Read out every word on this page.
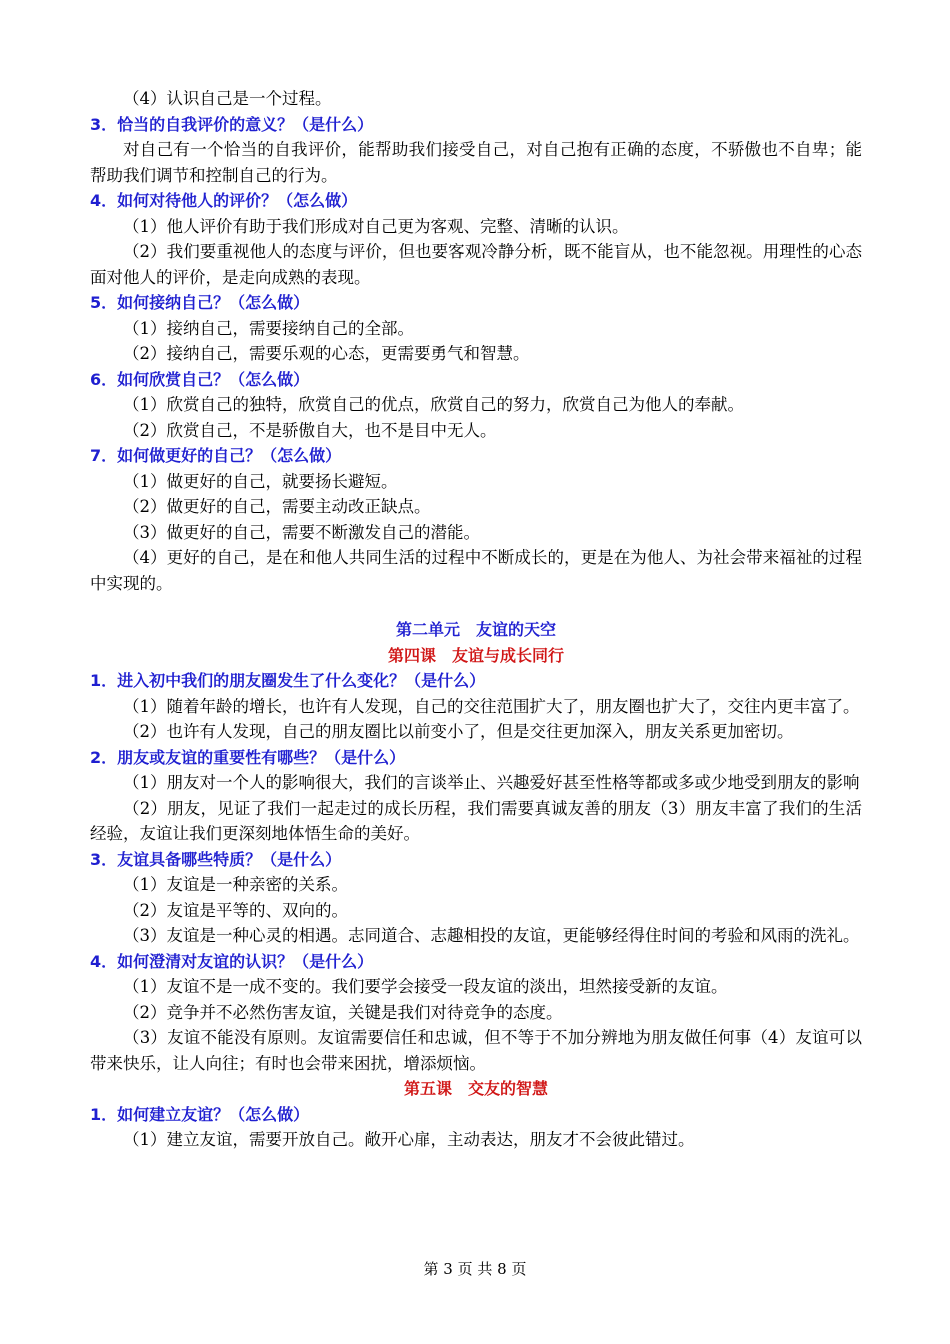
（4）认识自己是一个过程。

3．恰当的自我评价的意义？（是什么）

对自己有一个恰当的自我评价，能帮助我们接受自己，对自己抱有正确的态度，不骄傲也不自卑；能帮助我们调节和控制自己的行为。

4．如何对待他人的评价？（怎么做）

（1）他人评价有助于我们形成对自己更为客观、完整、清晰的认识。

（2）我们要重视他人的态度与评价，但也要客观冷静分析，既不能盲从，也不能忽视。用理性的心态面对他人的评价，是走向成熟的表现。

5．如何接纳自己？（怎么做）

（1）接纳自己，需要接纳自己的全部。

（2）接纳自己，需要乐观的心态，更需要勇气和智慧。

6．如何欣赏自己？（怎么做）

（1）欣赏自己的独特，欣赏自己的优点，欣赏自己的努力，欣赏自己为他人的奉献。

（2）欣赏自己，不是骄傲自大，也不是目中无人。

7．如何做更好的自己？（怎么做）

（1）做更好的自己，就要扬长避短。

（2）做更好的自己，需要主动改正缺点。

（3）做更好的自己，需要不断激发自己的潜能。

（4）更好的自己，是在和他人共同生活的过程中不断成长的，更是在为他人、为社会带来福祉的过程中实现的。

第二单元　友谊的天空

第四课　友谊与成长同行

1．进入初中我们的朋友圈发生了什么变化？（是什么）

（1）随着年龄的增长，也许有人发现，自己的交往范围扩大了，朋友圈也扩大了，交往内更丰富了。

（2）也许有人发现，自己的朋友圈比以前变小了，但是交往更加深入，朋友关系更加密切。

2．朋友或友谊的重要性有哪些？（是什么）

（1）朋友对一个人的影响很大，我们的言谈举止、兴趣爱好甚至性格等都或多或少地受到朋友的影响

（2）朋友，见证了我们一起走过的成长历程，我们需要真诚友善的朋友（3）朋友丰富了我们的生活经验，友谊让我们更深刻地体悟生命的美好。

3．友谊具备哪些特质？（是什么）

（1）友谊是一种亲密的关系。

（2）友谊是平等的、双向的。

（3）友谊是一种心灵的相遇。志同道合、志趣相投的友谊，更能够经得住时间的考验和风雨的洗礼。

4．如何澄清对友谊的认识？（是什么）

（1）友谊不是一成不变的。我们要学会接受一段友谊的淡出，坦然接受新的友谊。

（2）竞争并不必然伤害友谊，关键是我们对待竞争的态度。

（3）友谊不能没有原则。友谊需要信任和忠诚，但不等于不加分辨地为朋友做任何事（4）友谊可以带来快乐，让人向往；有时也会带来困扰，增添烦恼。

第五课　交友的智慧

1．如何建立友谊？（怎么做）

（1）建立友谊，需要开放自己。敞开心扉，主动表达，朋友才不会彼此错过。

第 3 页 共 8 页
